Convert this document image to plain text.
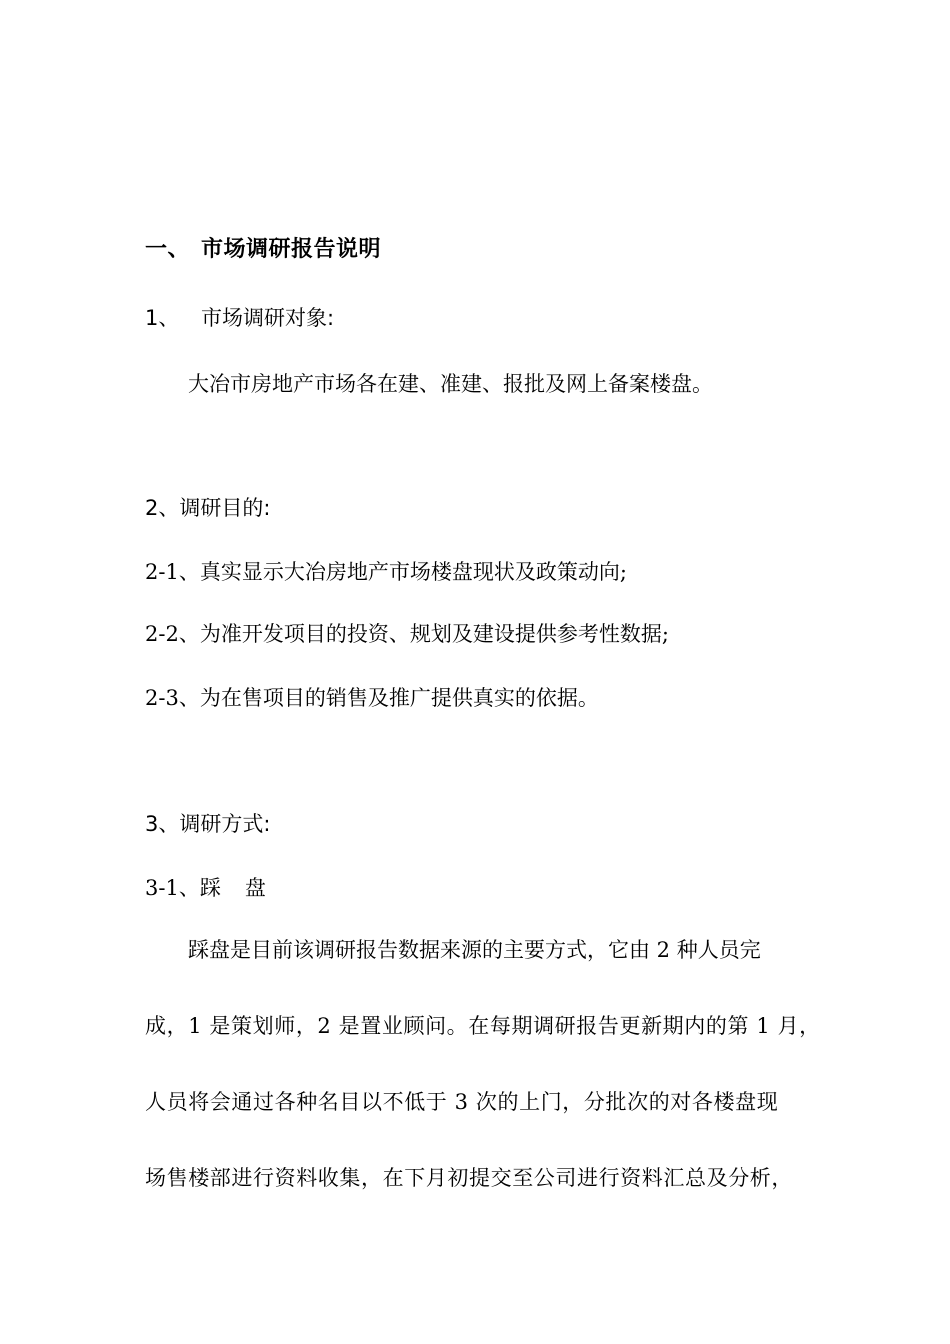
一、 市场调研报告说明
1、 市场调研对象:
大冶市房地产市场各在建、准建、报批及网上备案楼盘。
2、调研目的:
2-1、真实显示大冶房地产市场楼盘现状及政策动向;
2-2、为准开发项目的投资、规划及建设提供参考性数据;
2-3、为在售项目的销售及推广提供真实的依据。
3、调研方式:
3-1、踩 盘
踩盘是目前该调研报告数据来源的主要方式，它由 2 种人员完
成，1 是策划师，2 是置业顾问。在每期调研报告更新期内的第 1 月，
人员将会通过各种名目以不低于 3 次的上门，分批次的对各楼盘现
场售楼部进行资料收集，在下月初提交至公司进行资料汇总及分析，
